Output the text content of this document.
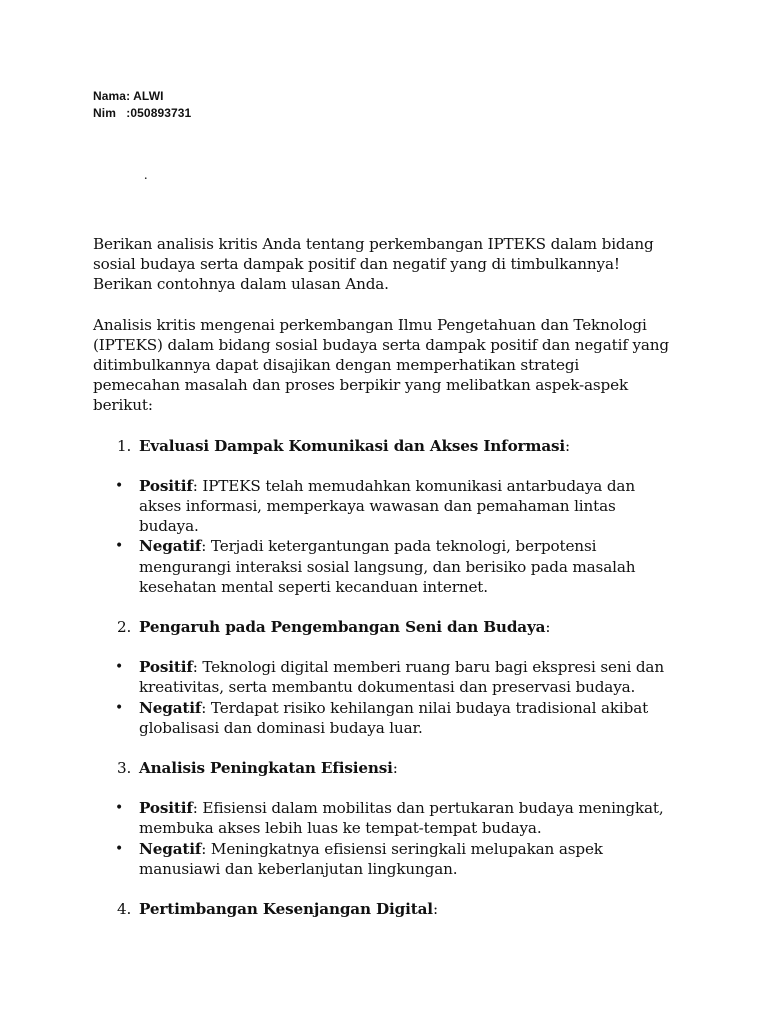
Nama: ALWI
Nim   :050893731
.

Berikan analisis kritis Anda tentang perkembangan IPTEKS dalam bidang
sosial budaya serta dampak positif dan negatif yang di timbulkannya!
Berikan contohnya dalam ulasan Anda.

Analisis kritis mengenai perkembangan Ilmu Pengetahuan dan Teknologi
(IPTEKS) dalam bidang sosial budaya serta dampak positif dan negatif yang
ditimbulkannya dapat disajikan dengan memperhatikan strategi
pemecahan masalah dan proses berpikir yang melibatkan aspek-aspek
berikut:

1. Evaluasi Dampak Komunikasi dan Akses Informasi:

• Positif: IPTEKS telah memudahkan komunikasi antarbudaya dan
akses informasi, memperkaya wawasan dan pemahaman lintas
budaya.
• Negatif: Terjadi ketergantungan pada teknologi, berpotensi
mengurangi interaksi sosial langsung, dan berisiko pada masalah
kesehatan mental seperti kecanduan internet.

2. Pengaruh pada Pengembangan Seni dan Budaya:

• Positif: Teknologi digital memberi ruang baru bagi ekspresi seni dan
kreativitas, serta membantu dokumentasi dan preservasi budaya.
• Negatif: Terdapat risiko kehilangan nilai budaya tradisional akibat
globalisasi dan dominasi budaya luar.

3. Analisis Peningkatan Efisiensi:

• Positif: Efisiensi dalam mobilitas dan pertukaran budaya meningkat,
membuka akses lebih luas ke tempat-tempat budaya.
• Negatif: Meningkatnya efisiensi seringkali melupakan aspek
manusiawi dan keberlanjutan lingkungan.

4. Pertimbangan Kesenjangan Digital:
